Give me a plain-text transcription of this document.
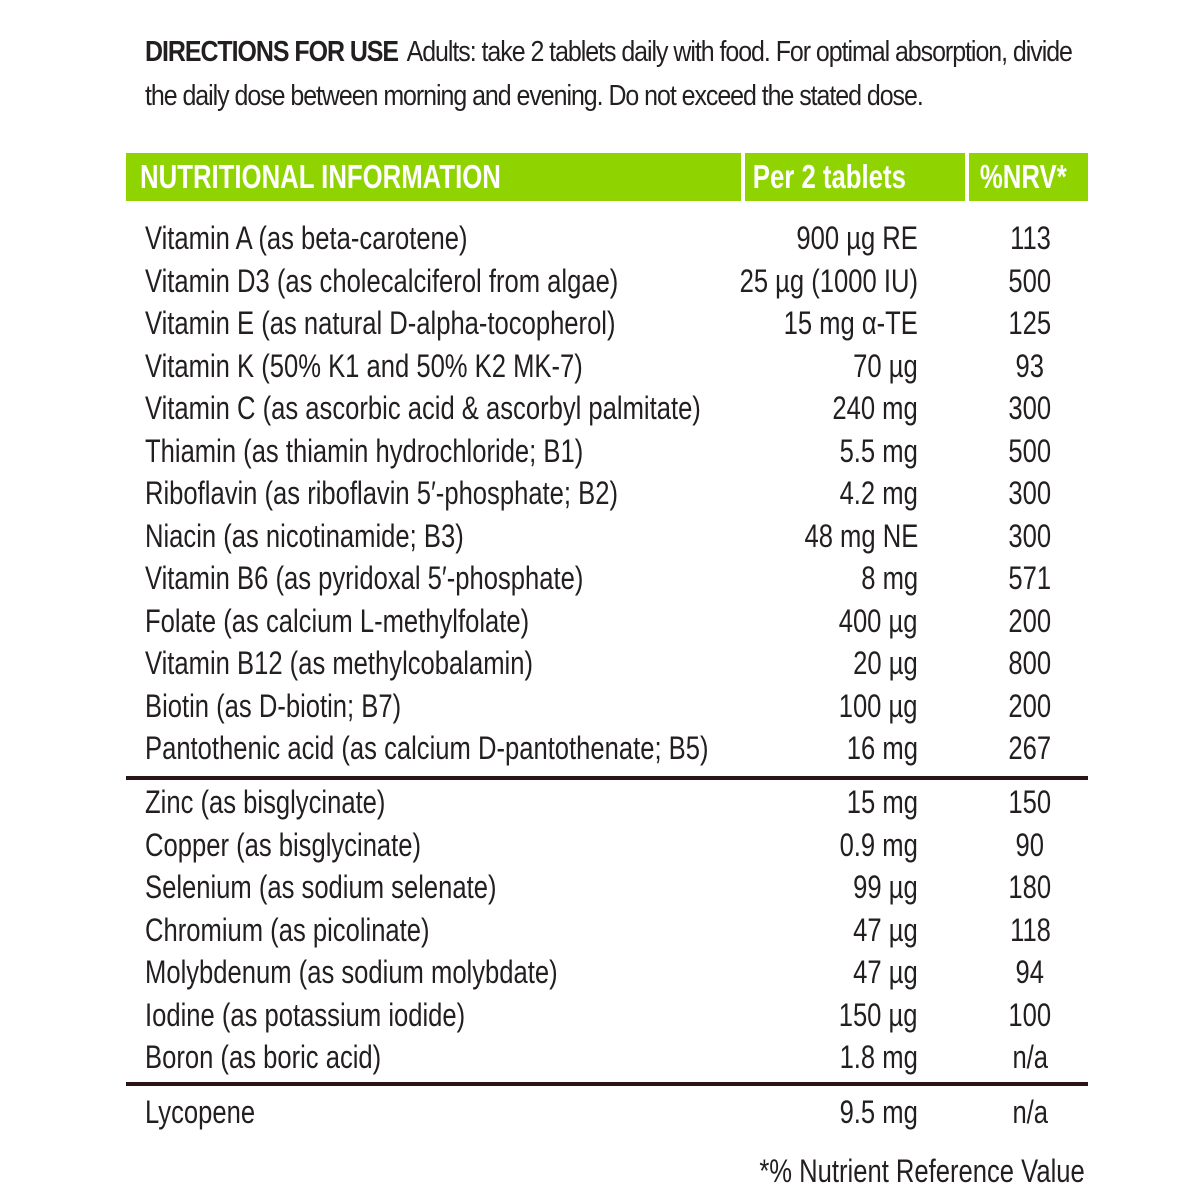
DIRECTIONS FOR USE Adults: take 2 tablets daily with food. For optimal absorption, divide the daily dose between morning and evening. Do not exceed the stated dose.
NUTRITIONAL INFORMATION	Per 2 tablets	%NRV*
Vitamin A (as beta-carotene)	900 µg RE	113
Vitamin D3 (as cholecalciferol from algae)	25 µg (1000 IU)	500
Vitamin E (as natural D-alpha-tocopherol)	15 mg α-TE	125
Vitamin K (50% K1 and 50% K2 MK-7)	70 µg	93
Vitamin C (as ascorbic acid & ascorbyl palmitate)	240 mg	300
Thiamin (as thiamin hydrochloride; B1)	5.5 mg	500
Riboflavin (as riboflavin 5′-phosphate; B2)	4.2 mg	300
Niacin (as nicotinamide; B3)	48 mg NE	300
Vitamin B6 (as pyridoxal 5′-phosphate)	8 mg	571
Folate (as calcium L-methylfolate)	400 µg	200
Vitamin B12 (as methylcobalamin)	20 µg	800
Biotin (as D-biotin; B7)	100 µg	200
Pantothenic acid (as calcium D-pantothenate; B5)	16 mg	267
Zinc (as bisglycinate)	15 mg	150
Copper (as bisglycinate)	0.9 mg	90
Selenium (as sodium selenate)	99 µg	180
Chromium (as picolinate)	47 µg	118
Molybdenum (as sodium molybdate)	47 µg	94
Iodine (as potassium iodide)	150 µg	100
Boron (as boric acid)	1.8 mg	n/a
Lycopene	9.5 mg	n/a
*% Nutrient Reference Value
